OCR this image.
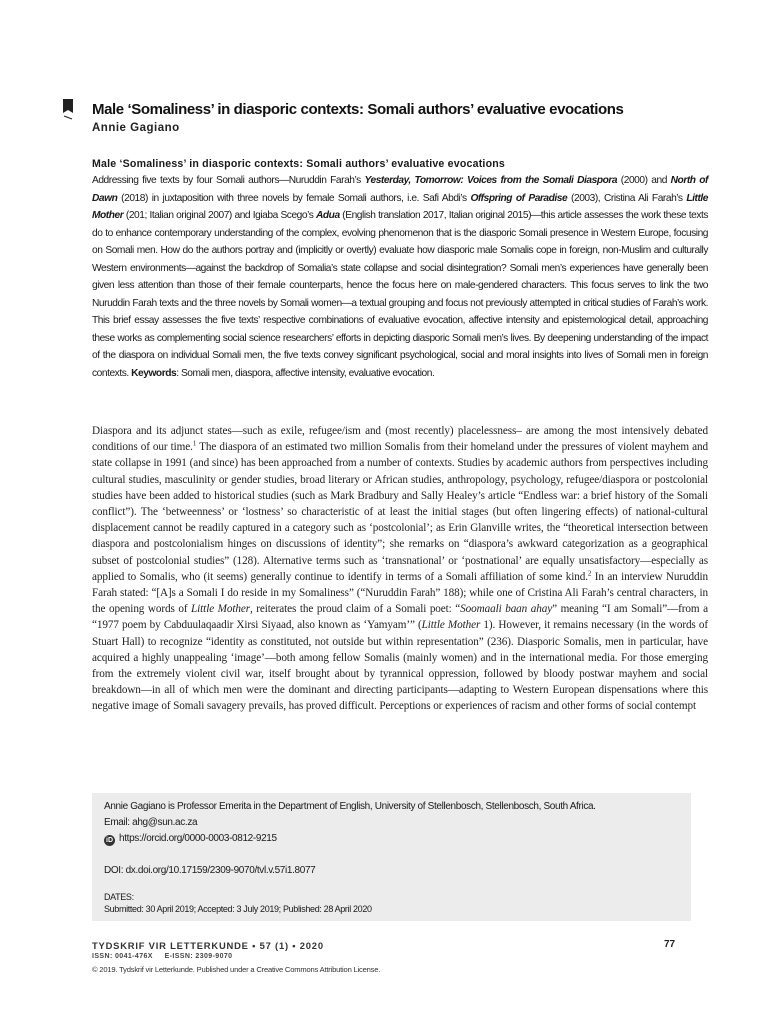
Male ‘Somaliness’ in diasporic contexts: Somali authors’ evaluative evocations
Annie Gagiano
Male ‘Somaliness’ in diasporic contexts: Somali authors’ evaluative evocations

Addressing five texts by four Somali authors—Nuruddin Farah’s Yesterday, Tomorrow: Voices from the Somali Diaspora (2000) and North of Dawn (2018) in juxtaposition with three novels by female Somali authors, i.e. Safi Abdi’s Offspring of Paradise (2003), Cristina Ali Farah’s Little Mother (201; Italian original 2007) and Igiaba Scego’s Adua (English translation 2017, Italian original 2015)—this article assesses the work these texts do to enhance contemporary understanding of the complex, evolving phenomenon that is the diasporic Somali presence in Western Europe, focusing on Somali men. How do the authors portray and (implicitly or overtly) evaluate how diasporic male Somalis cope in foreign, non-Muslim and culturally Western environments—against the backdrop of Somalia’s state collapse and social disintegration? Somali men’s experiences have generally been given less attention than those of their female counterparts, hence the focus here on male-gendered characters. This focus serves to link the two Nuruddin Farah texts and the three novels by Somali women—a textual grouping and focus not previously attempted in critical studies of Farah’s work. This brief essay assesses the five texts’ respective combinations of evaluative evocation, affective intensity and epistemological detail, approaching these works as complementing social science researchers’ efforts in depicting diasporic Somali men’s lives. By deepening understanding of the impact of the diaspora on individual Somali men, the five texts convey significant psychological, social and moral insights into lives of Somali men in foreign contexts. Keywords: Somali men, diaspora, affective intensity, evaluative evocation.

Diaspora and its adjunct states—such as exile, refugee/ism and (most recently) placelessness– are among the most intensively debated conditions of our time.$^1$ The diaspora of an estimated two million Somalis from their homeland under the pressures of violent mayhem and state collapse in 1991 (and since) has been approached from a number of contexts. Studies by academic authors from perspectives including cultural studies, masculinity or gender studies, broad literary or African studies, anthropology, psychology, refugee/diaspora or postcolonial studies have been added to historical studies (such as Mark Bradbury and Sally Healey’s article “Endless war: a brief history of the Somali conflict”). The ‘betweenness’ or ‘lostness’ so characteristic of at least the initial stages (but often lingering effects) of national-cultural displacement cannot be readily captured in a category such as ‘postcolonial’; as Erin Glanville writes, the “theoretical intersection between diaspora and postcolonialism hinges on discussions of identity”; she remarks on “diaspora’s awkward categorization as a geographical subset of postcolonial studies” (128). Alternative terms such as ‘transnational’ or ‘postnational’ are equally unsatisfactory—especially as applied to Somalis, who (it seems) generally continue to identify in terms of a Somali affiliation of some kind.$^2$ In an interview Nuruddin Farah stated: “[A]s a Somali I do reside in my Somaliness” (“Nuruddin Farah” 188); while one of Cristina Ali Farah’s central characters, in the opening words of Little Mother, reiterates the proud claim of a Somali poet: “Soomaali baan ahay” meaning “I am Somali”—from a “1977 poem by Cabduulaqaadir Xirsi Siyaad, also known as ‘Yamyam’” (Little Mother 1). However, it remains necessary (in the words of Stuart Hall) to recognize “identity as constituted, not outside but within representation” (236). Diasporic Somalis, men in particular, have acquired a highly unappealing ‘image’—both among fellow Somalis (mainly women) and in the international media. For those emerging from the extremely violent civil war, itself brought about by tyrannical oppression, followed by bloody postwar mayhem and social breakdown—in all of which men were the dominant and directing participants—adapting to Western European dispensations where this negative image of Somali savagery prevails, has proved difficult. Perceptions or experiences of racism and other forms of social contempt

Annie Gagiano is Professor Emerita in the Department of English, University of Stellenbosch, Stellenbosch, South Africa.
Email: ahg@sun.ac.za
iD https://orcid.org/0000-0003-0812-9215
DOI: dx.doi.org/10.17159/2309-9070/tvl.v.57i1.8077
DATES:
Submitted: 30 April 2019; Accepted: 3 July 2019; Published: 28 April 2020
TYDSKRIF VIR LETTERKUNDE • 57 (1) • 2020	77
ISSN: 0041-476X     E-ISSN: 2309-9070
© 2019. Tydskrif vir Letterkunde. Published under a Creative Commons Attribution License.
